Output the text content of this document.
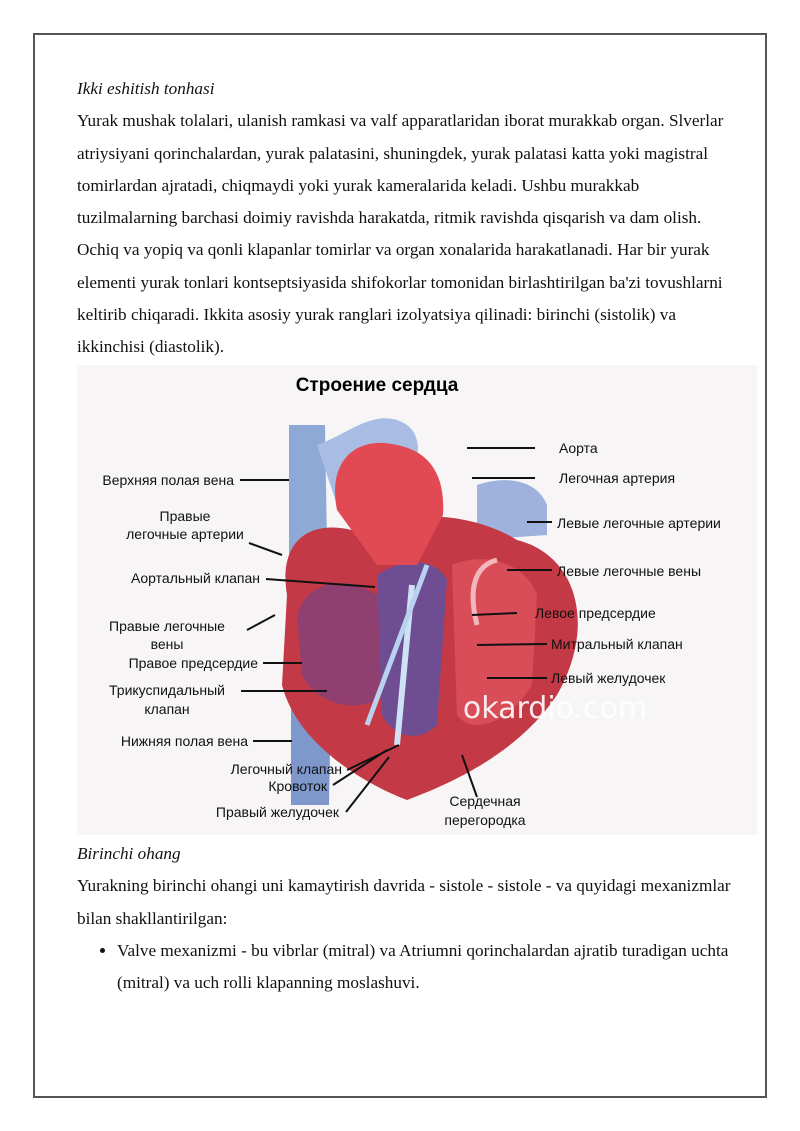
Ikki eshitish tonhasi

Yurak mushak tolalari, ulanish ramkasi va valf apparatlaridan iborat murakkab organ. Slverlar atriysiyani qorinchalardan, yurak palatasini, shuningdek, yurak palatasi katta yoki magistral tomirlardan ajratadi, chiqmaydi yoki yurak kameralarida keladi. Ushbu murakkab tuzilmalarning barchasi doimiy ravishda harakatda, ritmik ravishda qisqarish va dam olish. Ochiq va yopiq va qonli klapanlar tomirlar va organ xonalarida harakatlanadi. Har bir yurak elementi yurak tonlari kontseptsiyasida shifokorlar tomonidan birlashtirilgan ba'zi tovushlarni keltirib chiqaradi. Ikkita asosiy yurak ranglari izolyatsiya qilinadi: birinchi (sistolik) va ikkinchisi (diastolik).

Строение сердца
okardio.com
Верхняя полая вена
Правые
легочные артерии
Аортальный клапан
Правые легочные
вены
Правое предсердие
Трикуспидальный
клапан
Нижняя полая вена
Легочный клапан
Кровоток
Правый желудочек
Аорта
Легочная артерия
Левые легочные артерии
Левые легочные вены
Левое предсердие
Митральный клапан
Левый желудочек
Сердечная
перегородка

Birinchi ohang

Yurakning birinchi ohangi uni kamaytirish davrida - sistole - sistole - va quyidagi mexanizmlar bilan shakllantirilgan:

• Valve mexanizmi - bu vibrlar (mitral) va Atriumni qorinchalardan ajratib turadigan uchta (mitral) va uch rolli klapanning moslashuvi.
